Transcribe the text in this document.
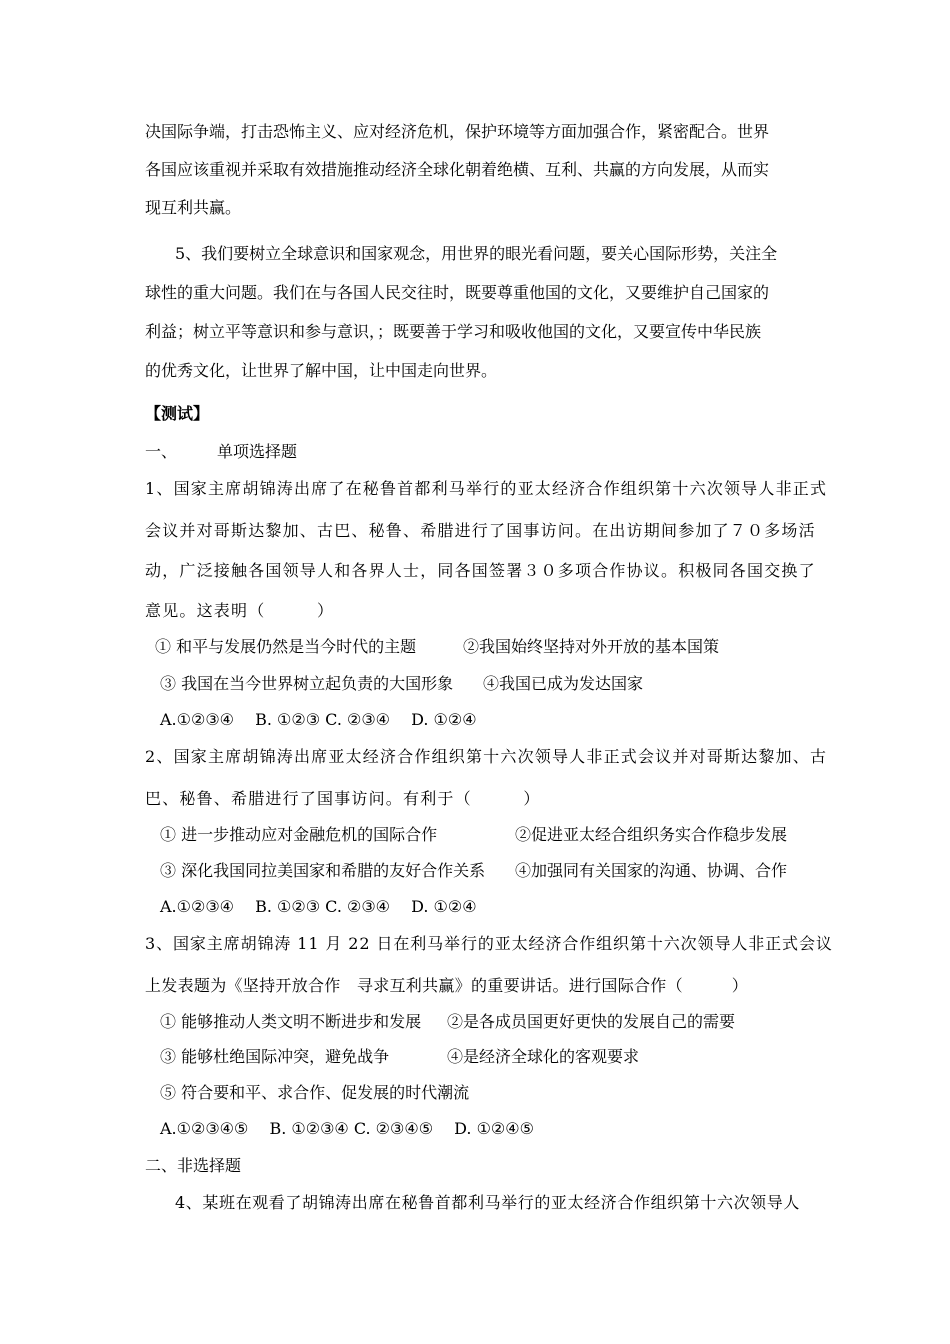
决国际争端，打击恐怖主义、应对经济危机，保护环境等方面加强合作，紧密配合。世界
各国应该重视并采取有效措施推动经济全球化朝着绝横、互利、共赢的方向发展，从而实
现互利共赢。
5、我们要树立全球意识和国家观念，用世界的眼光看问题，要关心国际形势，关注全
球性的重大问题。我们在与各国人民交往时，既要尊重他国的文化，又要维护自己国家的
利益；树立平等意识和参与意识，；既要善于学习和吸收他国的文化，又要宣传中华民族
的优秀文化，让世界了解中国，让中国走向世界。
【测试】
一、	单项选择题
1、国家主席胡锦涛出席了在秘鲁首都利马举行的亚太经济合作组织第十六次领导人非正式
会议并对哥斯达黎加、古巴、秘鲁、希腊进行了国事访问。在出访期间参加了７０多场活
动，广泛接触各国领导人和各界人士，同各国签署３０多项合作协议。积极同各国交换了
意见。这表明（　　　）
① 和平与发展仍然是当今时代的主题	②我国始终坚持对外开放的基本国策
③ 我国在当今世界树立起负责的大国形象 ④我国已成为发达国家
A.①②③④　 B. ①②③ C. ②③④　 D. ①②④
2、国家主席胡锦涛出席亚太经济合作组织第十六次领导人非正式会议并对哥斯达黎加、古
巴、秘鲁、希腊进行了国事访问。有利于（　　　）
① 进一步推动应对金融危机的国际合作	②促进亚太经合组织务实合作稳步发展
③ 深化我国同拉美国家和希腊的友好合作关系 ④加强同有关国家的沟通、协调、合作
A.①②③④　 B. ①②③ C. ②③④　 D. ①②④
3、国家主席胡锦涛 11 月 22 日在利马举行的亚太经济合作组织第十六次领导人非正式会议
上发表题为《坚持开放合作　寻求互利共赢》的重要讲话。进行国际合作（　　　）
① 能够推动人类文明不断进步和发展 ②是各成员国更好更快的发展自己的需要
③ 能够杜绝国际冲突，避免战争	④是经济全球化的客观要求
⑤ 符合要和平、求合作、促发展的时代潮流
A.①②③④⑤　 B. ①②③④ C. ②③④⑤　 D. ①②④⑤
二、非选择题
4、某班在观看了胡锦涛出席在秘鲁首都利马举行的亚太经济合作组织第十六次领导人
